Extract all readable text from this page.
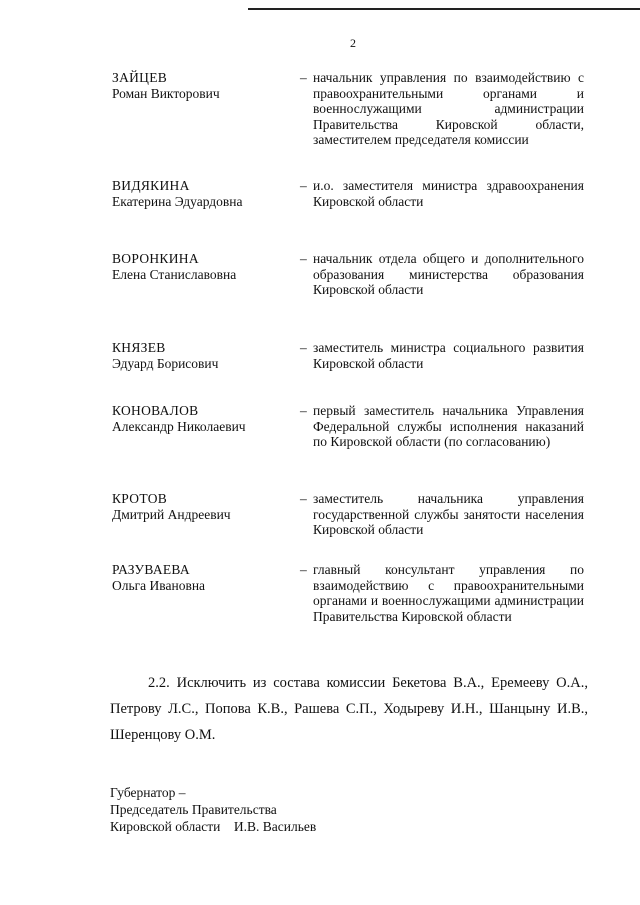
2
ЗАЙЦЕВ
Роман Викторович
– начальник управления по взаимодействию с правоохранительными органами и военнослужащими администрации Правительства Кировской области, заместителем председателя комиссии
ВИДЯКИНА
Екатерина Эдуардовна
– и.о. заместителя министра здравоохранения Кировской области
ВОРОНКИНА
Елена Станиславовна
– начальник отдела общего и дополнительного образования министерства образования Кировской области
КНЯЗЕВ
Эдуард Борисович
– заместитель министра социального развития Кировской области
КОНОВАЛОВ
Александр Николаевич
– первый заместитель начальника Управления Федеральной службы исполнения наказаний по Кировской области (по согласованию)
КРОТОВ
Дмитрий Андреевич
– заместитель начальника управления государственной службы занятости населения Кировской области
РАЗУВАЕВА
Ольга Ивановна
– главный консультант управления по взаимодействию с правоохранительными органами и военнослужащими администрации Правительства Кировской области

2.2. Исключить из состава комиссии Бекетова В.А., Еремееву О.А., Петрову Л.С., Попова К.В., Рашева С.П., Ходыреву И.Н., Шанцыну И.В., Шеренцову О.М.

Губернатор –
Председатель Правительства
Кировской области    И.В. Васильев
